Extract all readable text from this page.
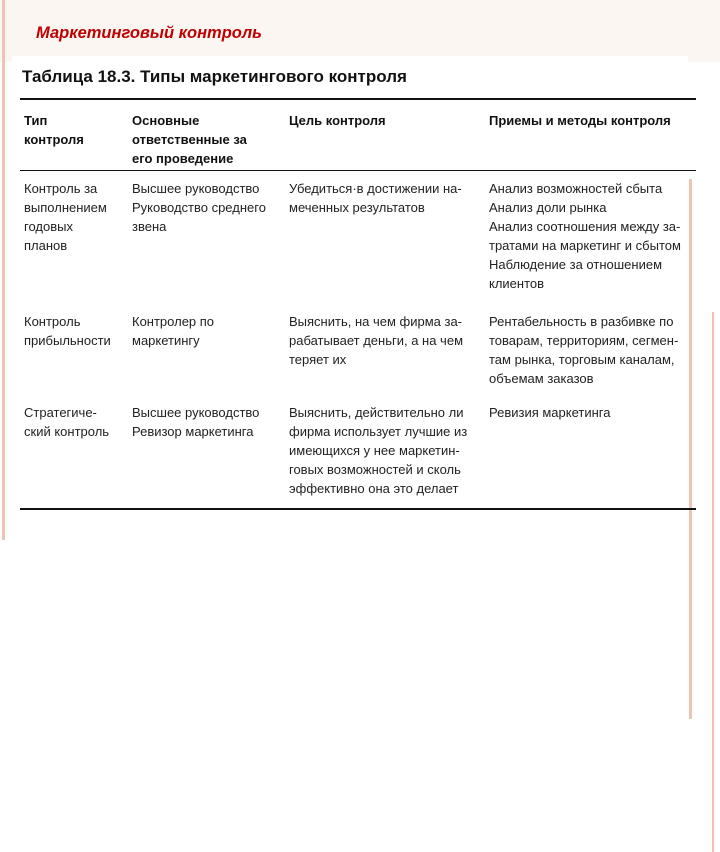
Маркетинговый контроль
Таблица 18.3. Типы маркетингового контроля
Тип
контроля
Основные
ответственные за
его проведение
Цель контроля	Приемы и методы контроля
Контроль за
выполнением
годовых
планов
Высшее руководство
Руководство среднего
звена
Убедиться·в достижении на-
меченных результатов
Анализ возможностей сбыта
Анализ доли рынка
Анализ соотношения между за-
тратами на маркетинг и сбытом
Наблюдение за отношением
клиентов
Контроль
прибыльности
Контролер по
маркетингу
Выяснить, на чем фирма за-
рабатывает деньги, а на чем
теряет их
Рентабельность в разбивке по
товарам, территориям, сегмен-
там рынка, торговым каналам,
объемам заказов
Стратегиче-
ский контроль
Высшее руководство
Ревизор маркетинга
Выяснить, действительно ли
фирма использует лучшие из
имеющихся у нее маркетин-
говых возможностей и сколь
эффективно она это делает
Ревизия маркетинга
